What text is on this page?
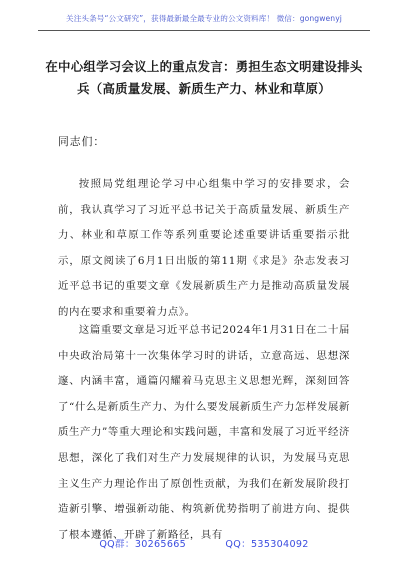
关注头条号“公文研究”，获得最新最全最专业的公文资料库！ 微信：gongwenyj
在中心组学习会议上的重点发言：勇担生态文明建设排头兵（高质量发展、新质生产力、林业和草原）
同志们：
按照局党组理论学习中心组集中学习的安排要求，会前，我认真学习了习近平总书记关于高质量发展、新质生产力、林业和草原工作等系列重要论述重要讲话重要指示批示，原文阅读了6月1日出版的第11期《求是》杂志发表习近平总书记的重要文章《发展新质生产力是推动高质量发展的内在要求和重要着力点》。
这篇重要文章是习近平总书记2024年1月31日在二十届中央政治局第十一次集体学习时的讲话，立意高远、思想深邃、内涵丰富，通篇闪耀着马克思主义思想光辉，深刻回答了“什么是新质生产力、为什么要发展新质生产力怎样发展新质生产力”等重大理论和实践问题，丰富和发展了习近平经济思想，深化了我们对生产力发展规律的认识，为发展马克思主义生产力理论作出了原创性贡献，为我们在新发展阶段打造新引擎、增强新动能、构筑新优势指明了前进方向、提供了根本遵循、开辟了新路径，具有
QQ群：30265665	QQ：535304092
